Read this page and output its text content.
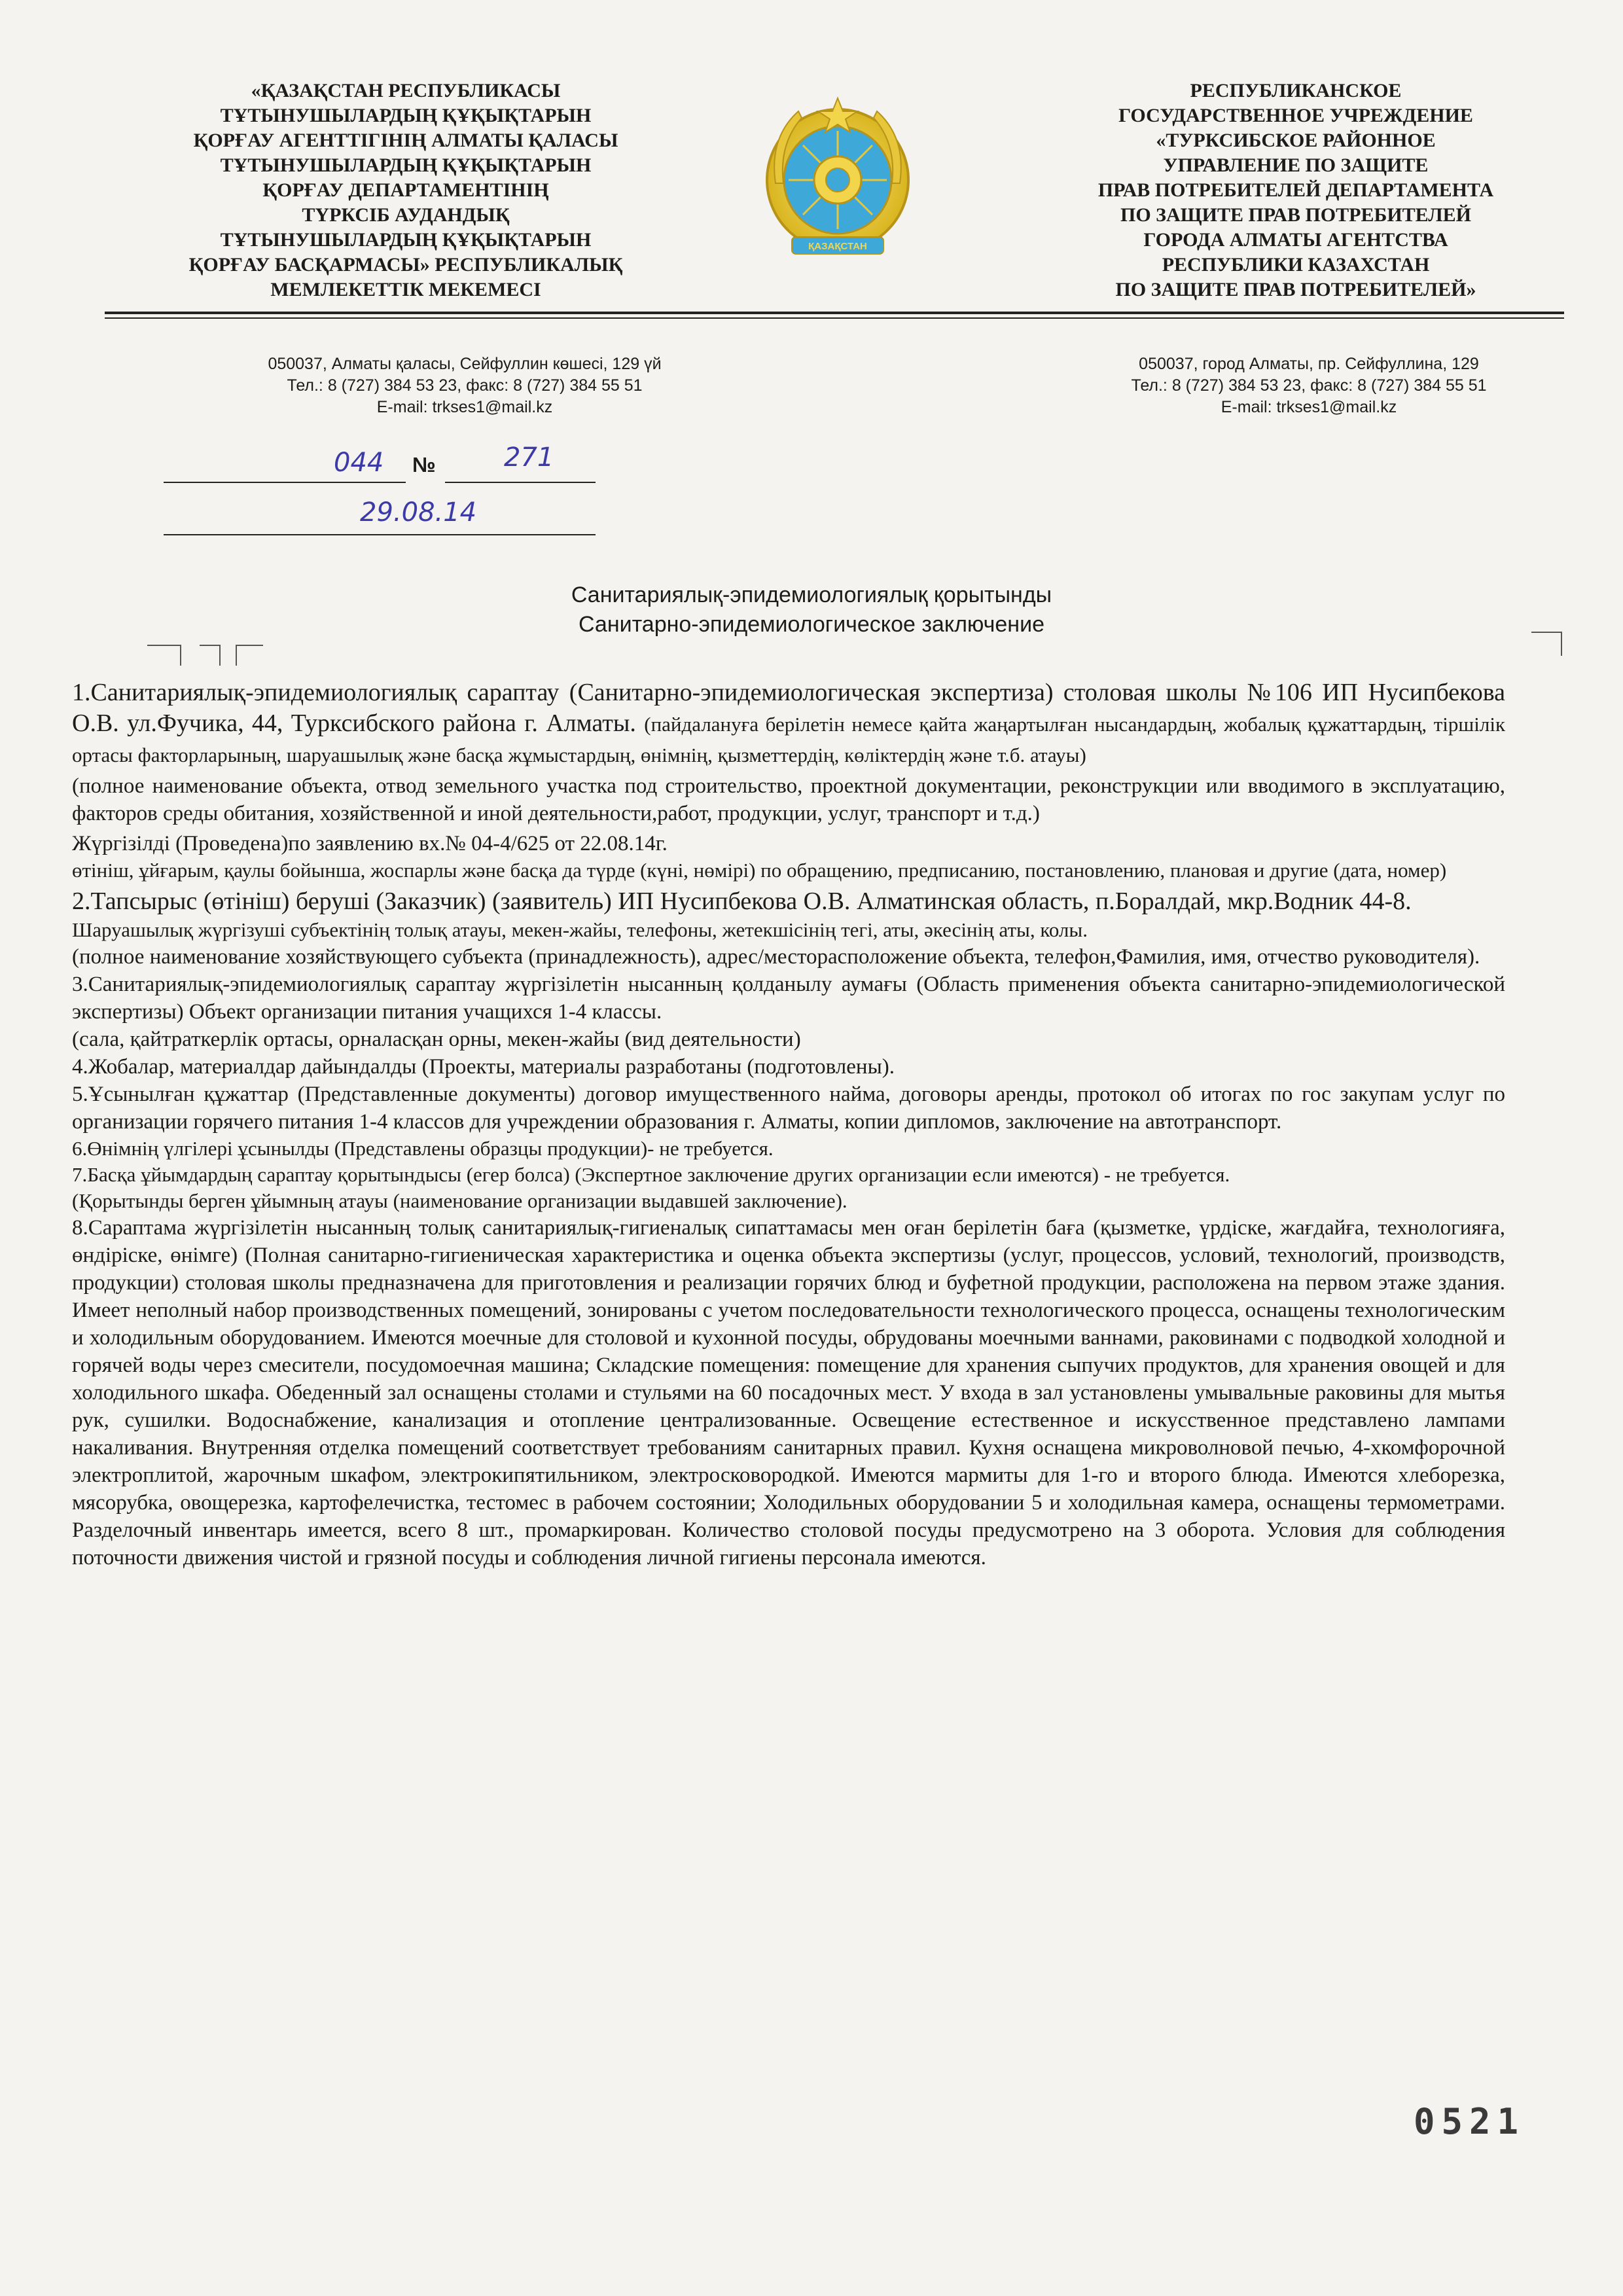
«ҚАЗАҚСТАН РЕСПУБЛИКАСЫ
ТҰТЫНУШЫЛАРДЫҢ ҚҰҚЫҚТАРЫН
ҚОРҒАУ АГЕНТТІГІНІҢ АЛМАТЫ ҚАЛАСЫ
ТҰТЫНУШЫЛАРДЫҢ ҚҰҚЫҚТАРЫН
ҚОРҒАУ ДЕПАРТАМЕНТІНІҢ
ТҮРКСІБ АУДАНДЫҚ
ТҰТЫНУШЫЛАРДЫҢ ҚҰҚЫҚТАРЫН
ҚОРҒАУ БАСҚАРМАСЫ» РЕСПУБЛИКАЛЫҚ
МЕМЛЕКЕТТІК МЕКЕМЕСІ
ҚАЗАҚСТАН
РЕСПУБЛИКАНСКОЕ
ГОСУДАРСТВЕННОЕ УЧРЕЖДЕНИЕ
«ТУРКСИБСКОЕ РАЙОННОЕ
УПРАВЛЕНИЕ ПО ЗАЩИТЕ
ПРАВ ПОТРЕБИТЕЛЕЙ ДЕПАРТАМЕНТА
ПО ЗАЩИТЕ ПРАВ ПОТРЕБИТЕЛЕЙ
ГОРОДА АЛМАТЫ АГЕНТСТВА
РЕСПУБЛИКИ КАЗАХСТАН
ПО ЗАЩИТЕ ПРАВ ПОТРЕБИТЕЛЕЙ»
050037, Алматы қаласы, Сейфуллин көшесі, 129 үй
Тел.: 8 (727) 384 53 23, факс: 8 (727) 384 55 51
E-mail: trkses1@mail.kz
050037, город Алматы, пр. Сейфуллина, 129
Тел.: 8 (727) 384 53 23, факс: 8 (727) 384 55 51
E-mail: trkses1@mail.kz
044 №	271
29.08.14
Санитариялық-эпидемиологиялық қорытынды
Санитарно-эпидемиологическое заключение

1.Санитариялық-эпидемиологиялық сараптау (Санитарно-эпидемиологическая экспертиза) столовая школы №106 ИП Нусипбекова О.В. ул.Фучика, 44, Турксибского района г. Алматы. (пайдалануға берілетін немесе қайта жаңартылған нысандардың, жобалық құжаттардың, тіршілік ортасы факторларының, шаруашылық және басқа жұмыстардың, өнімнің, қызметтердің, көліктердің және т.б. атауы)

(полное наименование объекта, отвод земельного участка под строительство, проектной документации, реконструкции или вводимого в эксплуатацию, факторов среды обитания, хозяйственной и иной деятельности,работ, продукции, услуг, транспорт и т.д.)

Жүргізілді (Проведена)по заявлению вх.№ 04-4/625 от 22.08.14г.

өтініш, ұйғарым, қаулы бойынша, жоспарлы және басқа да түрде (күні, нөмірі) по обращению, предписанию, постановлению, плановая и другие (дата, номер)

2.Тапсырыс (өтініш) беруші (Заказчик) (заявитель) ИП Нусипбекова О.В. Алматинская область, п.Боралдай, мкр.Водник 44-8.

Шаруашылық жүргізуші субъектінің толық атауы, мекен-жайы, телефоны, жетекшісінің тегі, аты, әкесінің аты, колы.

(полное наименование хозяйствующего субъекта (принадлежность), адрес/месторасположение объекта, телефон,Фамилия, имя, отчество руководителя).

3.Санитариялық-эпидемиологиялық сараптау жүргізілетін нысанның қолданылу аумағы (Область применения объекта санитарно-эпидемиологической экспертизы) Объект организации питания учащихся 1-4 классы.

(сала, қайтраткерлік ортасы, орналасқан орны, мекен-жайы (вид деятельности)

4.Жобалар, материалдар дайындалды (Проекты, материалы разработаны (подготовлены).

5.Ұсынылған құжаттар (Представленные документы) договор имущественного найма, договоры аренды, протокол об итогах по гос закупам услуг по организации горячего питания 1-4 классов для учреждении образования г. Алматы, копии дипломов, заключение на автотранспорт.

6.Өнімнің үлгілері ұсынылды (Представлены образцы продукции)- не требуется.

7.Басқа ұйымдардың сараптау қорытындысы (егер болса) (Экспертное заключение других организации если имеются) - не требуется.

(Қорытынды берген ұйымның атауы (наименование организации выдавшей заключение).

8.Сараптама жүргізілетін нысанның толық санитариялық-гигиеналық сипаттамасы мен оған берілетін баға (қызметке, үрдіске, жағдайға, технологияға, өндіріске, өнімге) (Полная санитарно-гигиеническая характеристика и оценка объекта экспертизы (услуг, процессов, условий, технологий, производств, продукции) столовая школы предназначена для приготовления и реализации горячих блюд и буфетной продукции, расположена на первом этаже здания. Имеет неполный набор производственных помещений, зонированы с учетом последовательности технологического процесса, оснащены технологическим и холодильным оборудованием. Имеются моечные для столовой и кухонной посуды, обрудованы моечными ваннами, раковинами с подводкой холодной и горячей воды через смесители, посудомоечная машина; Складские помещения: помещение для хранения сыпучих продуктов, для хранения овощей и для холодильного шкафа. Обеденный зал оснащены столами и стульями на 60 посадочных мест. У входа в зал установлены умывальные раковины для мытья рук, сушилки. Водоснабжение, канализация и отопление централизованные. Освещение естественное и искусственное представлено лампами накаливания. Внутренняя отделка помещений соответствует требованиям санитарных правил. Кухня оснащена микроволновой печью, 4-хкомфорочной электроплитой, жарочным шкафом, электрокипятильником, электросковородкой. Имеются мармиты для 1-го и второго блюда. Имеются хлеборезка, мясорубка, овощерезка, картофелечистка, тестомес в рабочем состоянии; Холодильных оборудовании 5 и холодильная камера, оснащены термометрами. Разделочный инвентарь имеется, всего 8 шт., промаркирован. Количество столовой посуды предусмотрено на 3 оборота. Условия для соблюдения поточности движения чистой и грязной посуды и соблюдения личной гигиены персонала имеются.

0521
